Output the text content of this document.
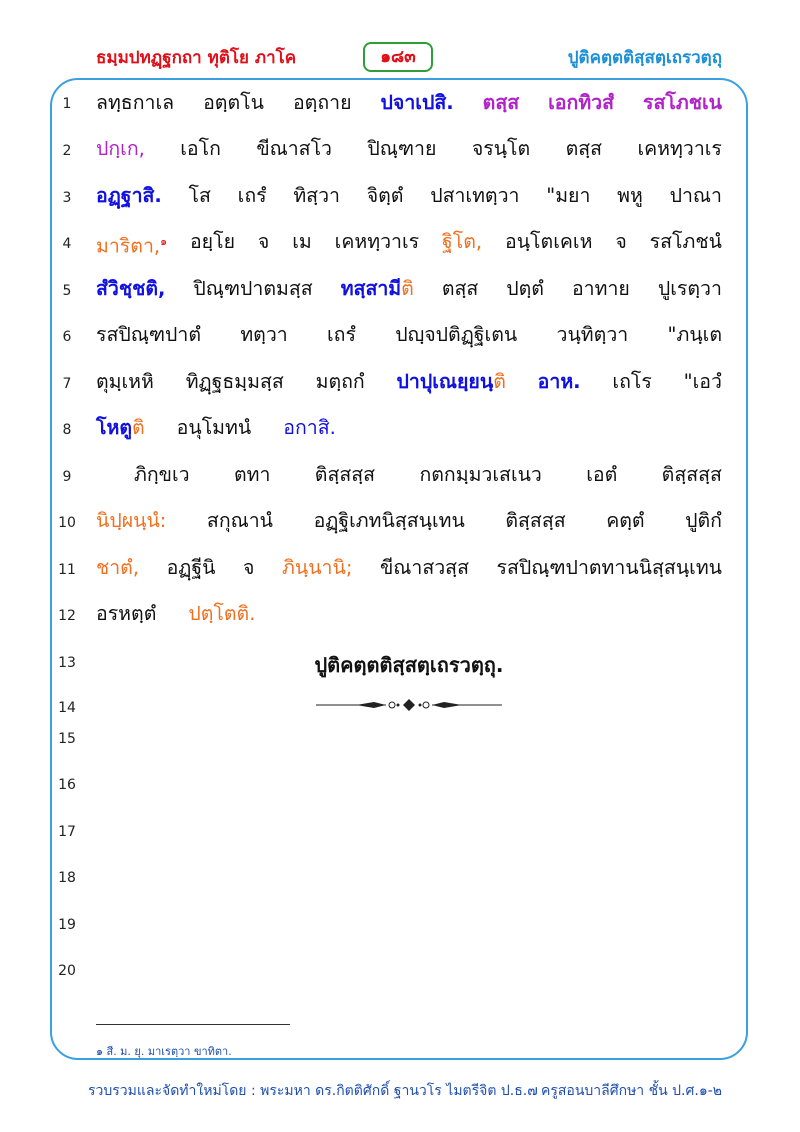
ธมฺมปทฏฺฐกถา ทุติโย ภาโค	๑๘๓	ปูติคตฺตติสฺสตฺเถรวตฺถุ
1
2
3
4
5
6
7
8
9
10
11
12
13
14
15
16
17
18
19
20
ลทฺธกาเล อตฺตโน อตฺถาย ปจาเปสิ. ตสฺส เอกทิวสํ รสโภชเน
ปกฺเก, เอโก ขีณาสโว ปิณฺฑาย จรนฺโต ตสฺส เคหทฺวาเร
อฏฺฐาสิ. โส เถรํ ทิสฺวา จิตฺตํ ปสาเทตฺวา "มยา พหู ปาณา
มาริตา,$^๑$ อยฺโย จ เม เคหทฺวาเร ฐิโต, อนฺโตเคเห จ รสโภชนํ
สํวิชฺชติ, ปิณฺฑปาตมสฺส ทสฺสามีติ ตสฺส ปตฺตํ อาทาย ปูเรตฺวา
รสปิณฺฑปาตํ ทตฺวา เถรํ ปญฺจปติฏฺฐิเตน วนฺทิตฺวา "ภนฺเต
ตุมฺเหหิ ทิฏฺฐธมฺมสฺส มตฺถกํ ปาปุเณยฺยนฺติ อาห. เถโร "เอวํ
โหตูติ อนุโมทนํ อกาสิ.
ภิกฺขเว ตทา ติสฺสสฺส กตกมฺมวเสเนว เอตํ ติสฺสสฺส
นิปฺผนฺนํ: สกุณานํ อฏฺฐิเภทนิสฺสนฺเทน ติสฺสสฺส คตฺตํ ปูติกํ
ชาตํ, อฏฺฐีนิ จ ภินฺนานิ; ขีณาสวสฺส รสปิณฺฑปาตทานนิสฺสนฺเทน
อรหตฺตํ ปตฺโตติ.
ปูติคตฺตติสฺสตฺเถรวตฺถุ.
๑ สี. ม. ยุ. มาเรตฺวา ขาทิตา.
รวบรวมและจัดทำใหม่โดย : พระมหา ดร.กิตติศักดิ์ ฐานวโร ไมตรีจิต ป.ธ.๗ ครูสอนบาลีศึกษา ชั้น ป.ศ.๑-๒
